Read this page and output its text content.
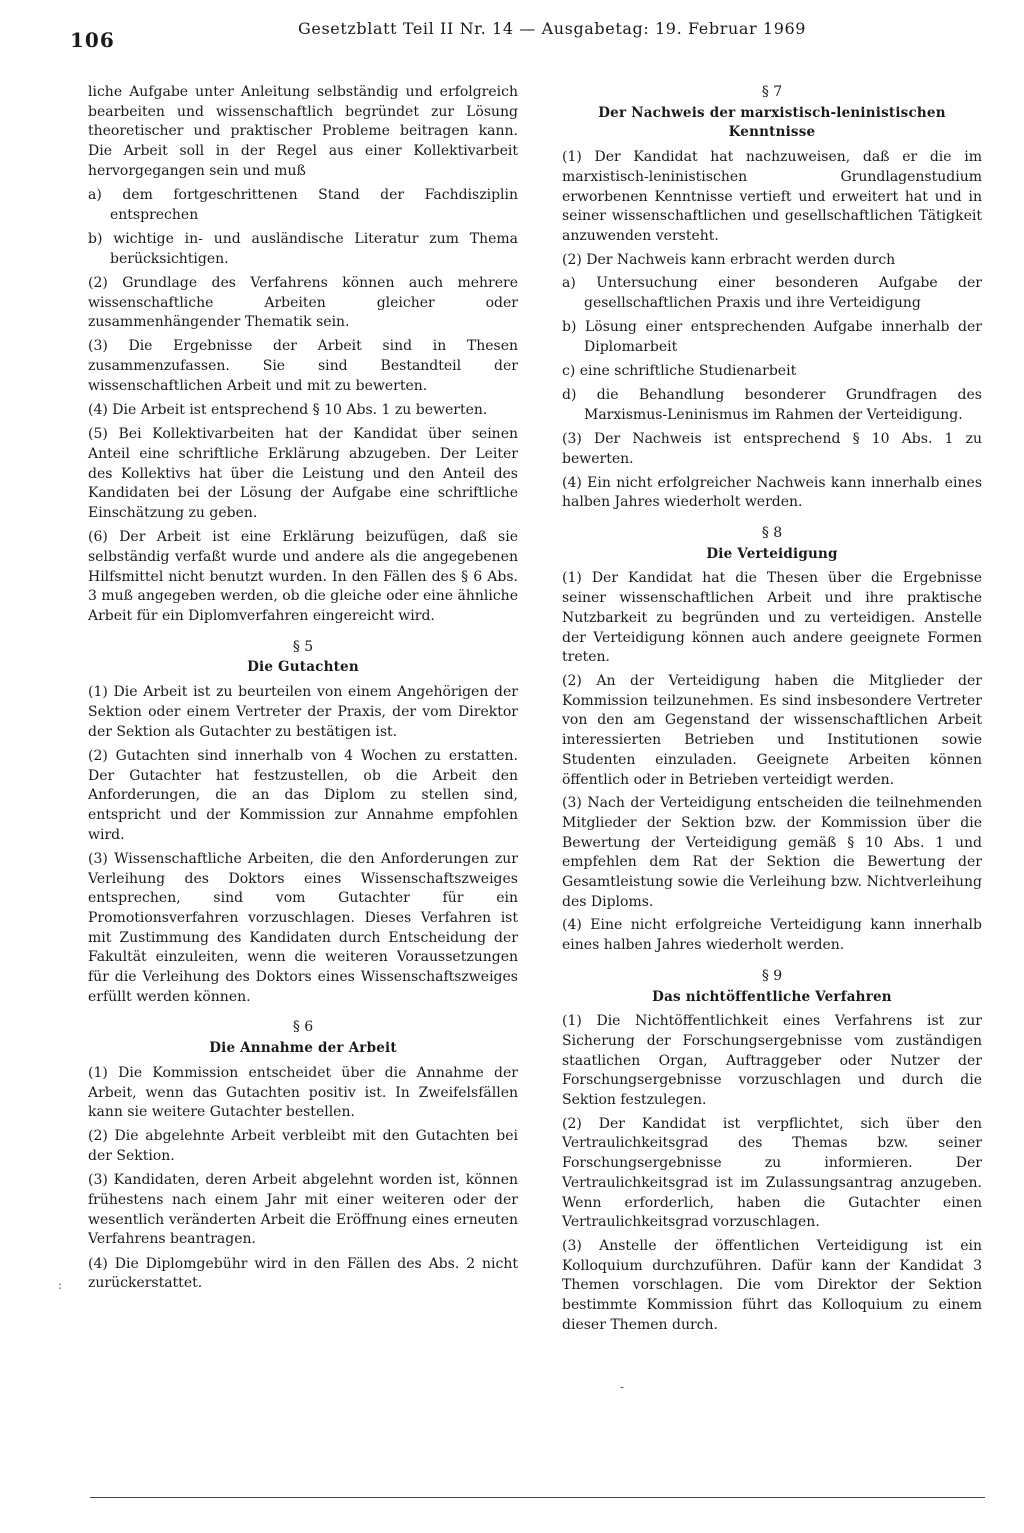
106	Gesetzblatt Teil II Nr. 14 — Ausgabetag: 19. Februar 1969
liche Aufgabe unter Anleitung selbständig und erfolgreich bearbeiten und wissenschaftlich begründet zur Lösung theoretischer und praktischer Probleme beitragen kann. Die Arbeit soll in der Regel aus einer Kollektivarbeit hervorgegangen sein und muß
a) dem fortgeschrittenen Stand der Fachdisziplin entsprechen
b) wichtige in- und ausländische Literatur zum Thema berücksichtigen.
(2) Grundlage des Verfahrens können auch mehrere wissenschaftliche Arbeiten gleicher oder zusammenhängender Thematik sein.
(3) Die Ergebnisse der Arbeit sind in Thesen zusammenzufassen. Sie sind Bestandteil der wissenschaftlichen Arbeit und mit zu bewerten.
(4) Die Arbeit ist entsprechend § 10 Abs. 1 zu bewerten.
(5) Bei Kollektivarbeiten hat der Kandidat über seinen Anteil eine schriftliche Erklärung abzugeben. Der Leiter des Kollektivs hat über die Leistung und den Anteil des Kandidaten bei der Lösung der Aufgabe eine schriftliche Einschätzung zu geben.
(6) Der Arbeit ist eine Erklärung beizufügen, daß sie selbständig verfaßt wurde und andere als die angegebenen Hilfsmittel nicht benutzt wurden. In den Fällen des § 6 Abs. 3 muß angegeben werden, ob die gleiche oder eine ähnliche Arbeit für ein Diplomverfahren eingereicht wird.
§ 5
Die Gutachten
(1) Die Arbeit ist zu beurteilen von einem Angehörigen der Sektion oder einem Vertreter der Praxis, der vom Direktor der Sektion als Gutachter zu bestätigen ist.
(2) Gutachten sind innerhalb von 4 Wochen zu erstatten. Der Gutachter hat festzustellen, ob die Arbeit den Anforderungen, die an das Diplom zu stellen sind, entspricht und der Kommission zur Annahme empfohlen wird.
(3) Wissenschaftliche Arbeiten, die den Anforderungen zur Verleihung des Doktors eines Wissenschaftszweiges entsprechen, sind vom Gutachter für ein Promotionsverfahren vorzuschlagen. Dieses Verfahren ist mit Zustimmung des Kandidaten durch Entscheidung der Fakultät einzuleiten, wenn die weiteren Voraussetzungen für die Verleihung des Doktors eines Wissenschaftszweiges erfüllt werden können.
§ 6
Die Annahme der Arbeit
(1) Die Kommission entscheidet über die Annahme der Arbeit, wenn das Gutachten positiv ist. In Zweifelsfällen kann sie weitere Gutachter bestellen.
(2) Die abgelehnte Arbeit verbleibt mit den Gutachten bei der Sektion.
(3) Kandidaten, deren Arbeit abgelehnt worden ist, können frühestens nach einem Jahr mit einer weiteren oder der wesentlich veränderten Arbeit die Eröffnung eines erneuten Verfahrens beantragen.
(4) Die Diplomgebühr wird in den Fällen des Abs. 2 nicht zurückerstattet.
§ 7
Der Nachweis der marxistisch-leninistischen Kenntnisse
(1) Der Kandidat hat nachzuweisen, daß er die im marxistisch-leninistischen Grundlagenstudium erworbenen Kenntnisse vertieft und erweitert hat und in seiner wissenschaftlichen und gesellschaftlichen Tätigkeit anzuwenden versteht.
(2) Der Nachweis kann erbracht werden durch
a) Untersuchung einer besonderen Aufgabe der gesellschaftlichen Praxis und ihre Verteidigung
b) Lösung einer entsprechenden Aufgabe innerhalb der Diplomarbeit
c) eine schriftliche Studienarbeit
d) die Behandlung besonderer Grundfragen des Marxismus-Leninismus im Rahmen der Verteidigung.
(3) Der Nachweis ist entsprechend § 10 Abs. 1 zu bewerten.
(4) Ein nicht erfolgreicher Nachweis kann innerhalb eines halben Jahres wiederholt werden.
§ 8
Die Verteidigung
(1) Der Kandidat hat die Thesen über die Ergebnisse seiner wissenschaftlichen Arbeit und ihre praktische Nutzbarkeit zu begründen und zu verteidigen. Anstelle der Verteidigung können auch andere geeignete Formen treten.
(2) An der Verteidigung haben die Mitglieder der Kommission teilzunehmen. Es sind insbesondere Vertreter von den am Gegenstand der wissenschaftlichen Arbeit interessierten Betrieben und Institutionen sowie Studenten einzuladen. Geeignete Arbeiten können öffentlich oder in Betrieben verteidigt werden.
(3) Nach der Verteidigung entscheiden die teilnehmenden Mitglieder der Sektion bzw. der Kommission über die Bewertung der Verteidigung gemäß § 10 Abs. 1 und empfehlen dem Rat der Sektion die Bewertung der Gesamtleistung sowie die Verleihung bzw. Nichtverleihung des Diploms.
(4) Eine nicht erfolgreiche Verteidigung kann innerhalb eines halben Jahres wiederholt werden.
§ 9
Das nichtöffentliche Verfahren
(1) Die Nichtöffentlichkeit eines Verfahrens ist zur Sicherung der Forschungsergebnisse vom zuständigen staatlichen Organ, Auftraggeber oder Nutzer der Forschungsergebnisse vorzuschlagen und durch die Sektion festzulegen.
(2) Der Kandidat ist verpflichtet, sich über den Vertraulichkeitsgrad des Themas bzw. seiner Forschungsergebnisse zu informieren. Der Vertraulichkeitsgrad ist im Zulassungsantrag anzugeben. Wenn erforderlich, haben die Gutachter einen Vertraulichkeitsgrad vorzuschlagen.
(3) Anstelle der öffentlichen Verteidigung ist ein Kolloquium durchzuführen. Dafür kann der Kandidat 3 Themen vorschlagen. Die vom Direktor der Sektion bestimmte Kommission führt das Kolloquium zu einem dieser Themen durch.
:
-
